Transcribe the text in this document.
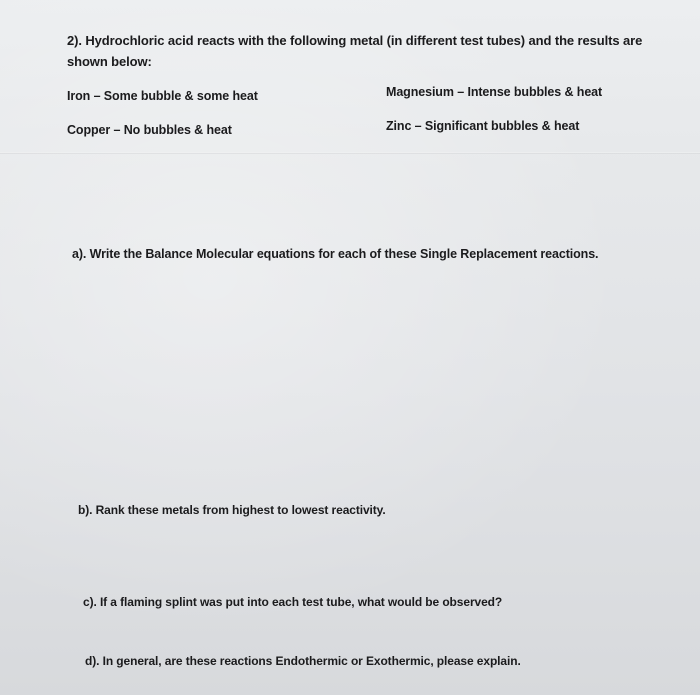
2). Hydrochloric acid reacts with the following metal (in different test tubes) and the results are shown below:
Iron – Some bubble & some heat	Magnesium – Intense bubbles & heat
Copper – No bubbles & heat	Zinc – Significant bubbles & heat
a). Write the Balance Molecular equations for each of these Single Replacement reactions.
b). Rank these metals from highest to lowest reactivity.
c). If a flaming splint was put into each test tube, what would be observed?
d). In general, are these reactions Endothermic or Exothermic, please explain.
